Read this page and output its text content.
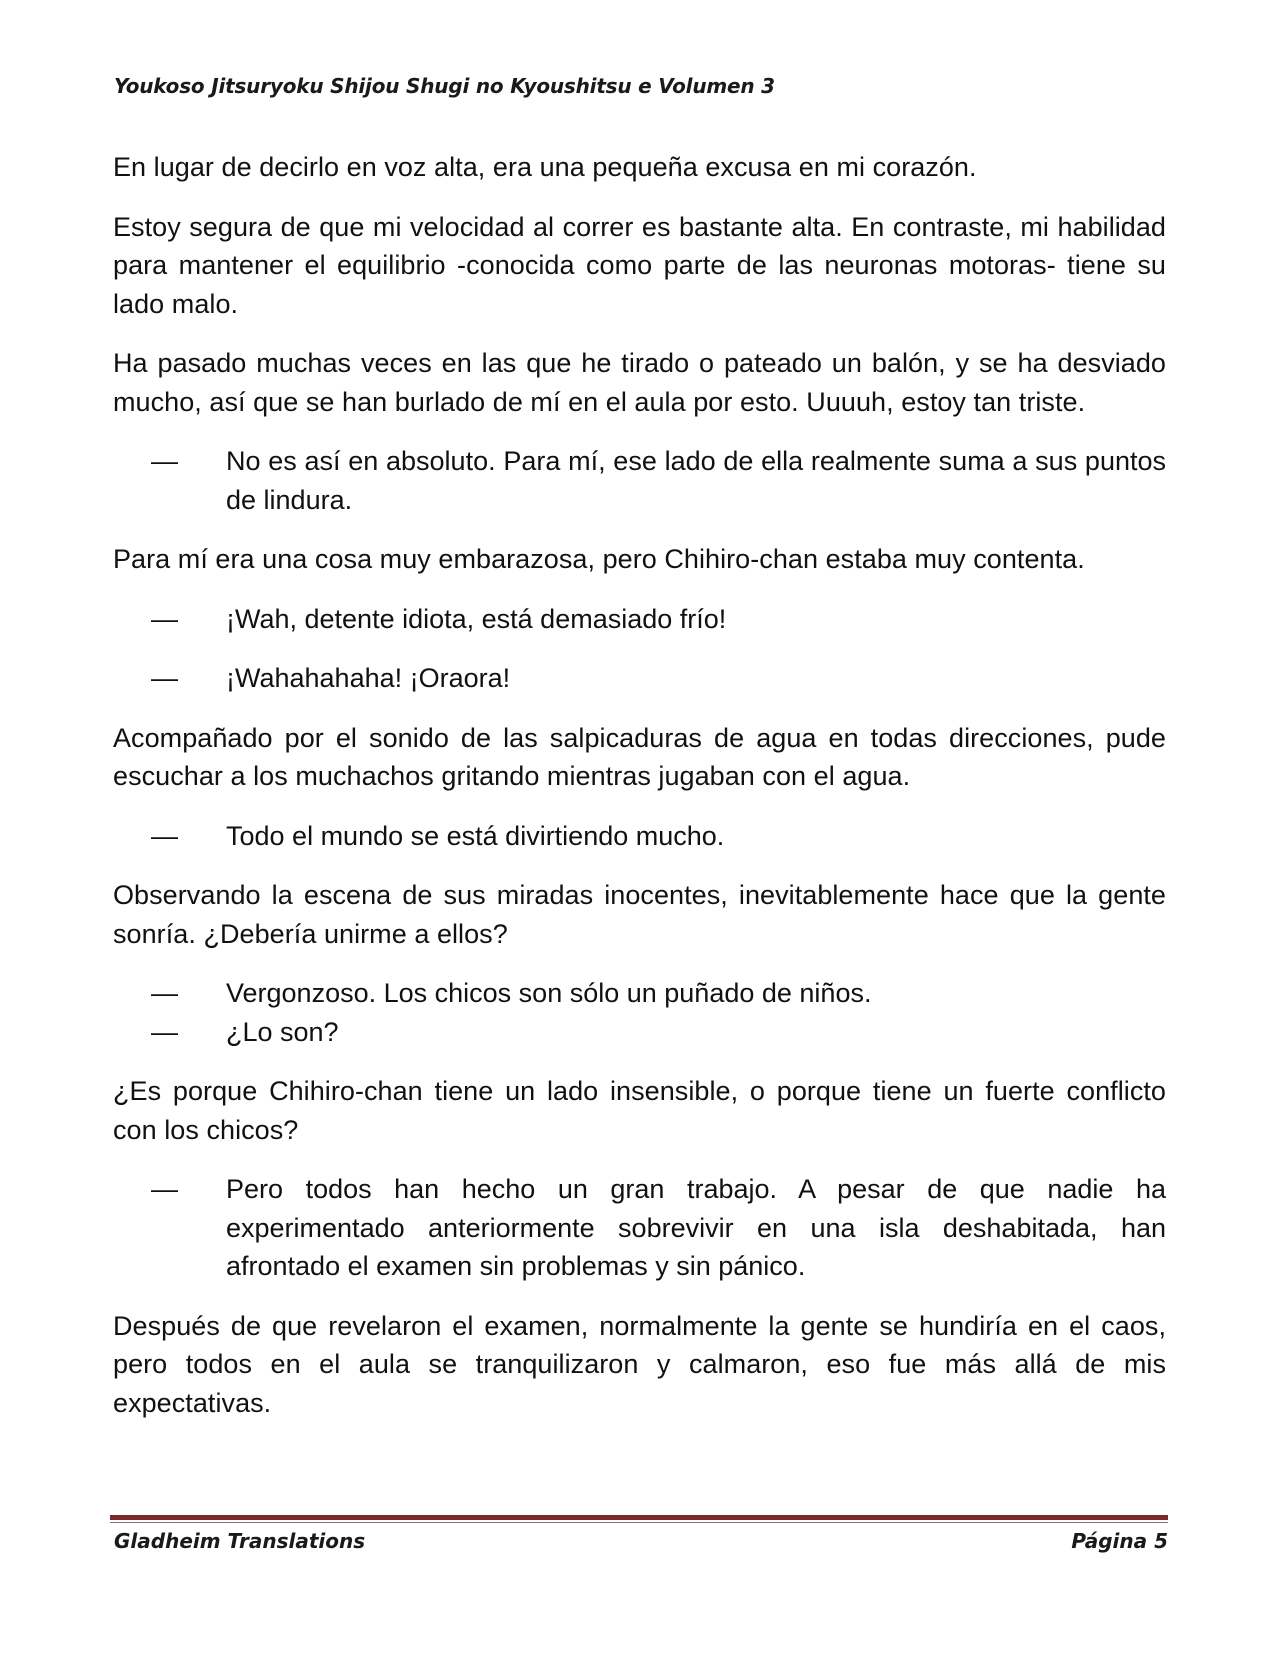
Youkoso Jitsuryoku Shijou Shugi no Kyoushitsu e Volumen 3

En lugar de decirlo en voz alta, era una pequeña excusa en mi corazón.

Estoy segura de que mi velocidad al correr es bastante alta. En contraste, mi habilidad para mantener el equilibrio -conocida como parte de las neuronas motoras- tiene su lado malo.

Ha pasado muchas veces en las que he tirado o pateado un balón, y se ha desviado mucho, así que se han burlado de mí en el aula por esto. Uuuuh, estoy tan triste.

— No es así en absoluto. Para mí, ese lado de ella realmente suma a sus puntos de lindura.

Para mí era una cosa muy embarazosa, pero Chihiro-chan estaba muy contenta.

— ¡Wah, detente idiota, está demasiado frío!
— ¡Wahahahaha! ¡Oraora!

Acompañado por el sonido de las salpicaduras de agua en todas direcciones, pude escuchar a los muchachos gritando mientras jugaban con el agua.

— Todo el mundo se está divirtiendo mucho.

Observando la escena de sus miradas inocentes, inevitablemente hace que la gente sonría. ¿Debería unirme a ellos?

— Vergonzoso. Los chicos son sólo un puñado de niños.
— ¿Lo son?

¿Es porque Chihiro-chan tiene un lado insensible, o porque tiene un fuerte conflicto con los chicos?

— Pero todos han hecho un gran trabajo. A pesar de que nadie ha experimentado anteriormente sobrevivir en una isla deshabitada, han afrontado el examen sin problemas y sin pánico.

Después de que revelaron el examen, normalmente la gente se hundiría en el caos, pero todos en el aula se tranquilizaron y calmaron, eso fue más allá de mis expectativas.

Gladheim Translations	Página 5
